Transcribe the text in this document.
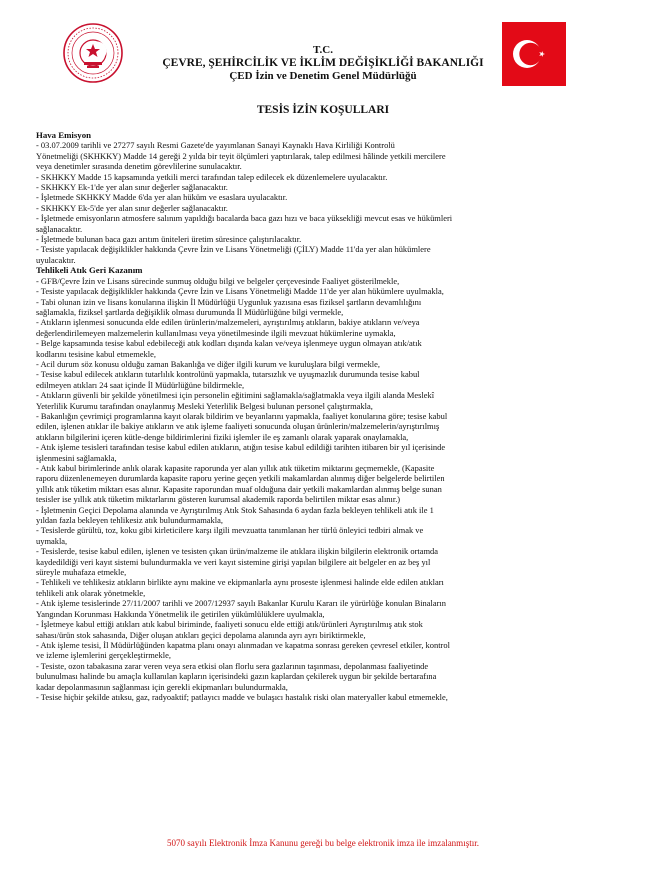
T.C.
ÇEVRE, ŞEHİRCİLİK VE İKLİM DEĞİŞİKLİĞİ BAKANLIĞI
ÇED İzin ve Denetim Genel Müdürlüğü
TESİS İZİN KOŞULLARI
Hava Emisyon
- 03.07.2009 tarihli ve 27277 sayılı Resmi Gazete'de yayımlanan Sanayi Kaynaklı Hava Kirliliği Kontrolü
Yönetmeliği (SKHKKY) Madde 14 gereği 2 yılda bir teyit ölçümleri yaptırılarak, talep edilmesi hâlinde yetkili mercilere
veya denetimler sırasında denetim görevlilerine sunulacaktır.
- SKHKKY Madde 15 kapsamında yetkili merci tarafından talep edilecek ek düzenlemelere uyulacaktır.
- SKHKKY Ek-1'de yer alan sınır değerler sağlanacaktır.
- İşletmede SKHKKY Madde 6'da yer alan hüküm ve esaslara uyulacaktır.
- SKHKKY Ek-5'de yer alan sınır değerler sağlanacaktır.
- İşletmede emisyonların atmosfere salınım yapıldığı bacalarda baca gazı hızı ve baca yüksekliği mevcut esas ve hükümleri
sağlanacaktır.
- İşletmede bulunan baca gazı arıtım üniteleri üretim süresince çalıştırılacaktır.
- Tesiste yapılacak değişiklikler hakkında Çevre İzin ve Lisans Yönetmeliği (ÇİLY) Madde 11'da yer alan hükümlere
uyulacaktır.
Tehlikeli Atık Geri Kazanım
- GFB/Çevre İzin ve Lisans sürecinde sunmuş olduğu bilgi ve belgeler çerçevesinde Faaliyet gösterilmekle,
- Tesiste yapılacak değişiklikler hakkında Çevre İzin ve Lisans Yönetmeliği Madde 11'de yer alan hükümlere uyulmakla,
- Tabi olunan izin ve lisans konularına ilişkin İl Müdürlüğü Uygunluk yazısına esas fiziksel şartların devamlılığını
sağlamakla, fiziksel şartlarda değişiklik olması durumunda İl Müdürlüğüne bilgi vermekle,
- Atıkların işlenmesi sonucunda elde edilen ürünlerin/malzemeleri, ayrıştırılmış atıkların, bakiye atıkların ve/veya
değerlendirilemeyen malzemelerin kullanılması veya yönetilmesinde ilgili mevzuat hükümlerine uymakla,
- Belge kapsamında tesise kabul edebileceği atık kodları dışında kalan ve/veya işlenmeye uygun olmayan atık/atık
kodlarını tesisine kabul etmemekle,
- Acil durum söz konusu olduğu zaman Bakanlığa ve diğer ilgili kurum ve kuruluşlara bilgi vermekle,
- Tesise kabul edilecek atıkların tutarlılık kontrolünü yapmakla, tutarsızlık ve uyuşmazlık durumunda tesise kabul
edilmeyen atıkları 24 saat içinde İl Müdürlüğüne bildirmekle,
- Atıkların güvenli bir şekilde yönetilmesi için personelin eğitimini sağlamakla/sağlatmakla veya ilgili alanda Meslekî
Yeterlilik Kurumu tarafından onaylanmış Mesleki Yeterlilik Belgesi bulunan personel çalıştırmakla,
- Bakanlığın çevrimiçi programlarına kayıt olarak bildirim ve beyanlarını yapmakla, faaliyet konularına göre; tesise kabul
edilen, işlenen atıklar ile bakiye atıkların ve atık işleme faaliyeti sonucunda oluşan ürünlerin/malzemelerin/ayrıştırılmış
atıkların bilgilerini içeren kütle-denge bildirimlerini fiziki işlemler ile eş zamanlı olarak yaparak onaylamakla,
- Atık işleme tesisleri tarafından tesise kabul edilen atıkların, atığın tesise kabul edildiği tarihten itibaren bir yıl içerisinde
işlenmesini sağlamakla,
- Atık kabul birimlerinde anlık olarak kapasite raporunda yer alan yıllık atık tüketim miktarını geçmemekle, (Kapasite
raporu düzenlenemeyen durumlarda kapasite raporu yerine geçen yetkili makamlardan alınmış diğer belgelerde belirtilen
yıllık atık tüketim miktarı esas alınır. Kapasite raporundan muaf olduğuna dair yetkili makamlardan alınmış belge sunan
tesisler ise yıllık atık tüketim miktarlarını gösteren kurumsal akademik raporda belirtilen miktar esas alınır.)
- İşletmenin Geçici Depolama alanında ve Ayrıştırılmış Atık Stok Sahasında 6 aydan fazla bekleyen tehlikeli atık ile 1
yıldan fazla bekleyen tehlikesiz atık bulundurmamakla,
- Tesislerde gürültü, toz, koku gibi kirleticilere karşı ilgili mevzuatta tanımlanan her türlü önleyici tedbiri almak ve
uymakla,
- Tesislerde, tesise kabul edilen, işlenen ve tesisten çıkan ürün/malzeme ile atıklara ilişkin bilgilerin elektronik ortamda
kaydedildiği veri kayıt sistemi bulundurmakla ve veri kayıt sistemine girişi yapılan bilgilere ait belgeler en az beş yıl
süreyle muhafaza etmekle,
- Tehlikeli ve tehlikesiz atıkların birlikte aynı makine ve ekipmanlarla aynı proseste işlenmesi halinde elde edilen atıkları
tehlikeli atık olarak yönetmekle,
- Atık işleme tesislerinde 27/11/2007 tarihli ve 2007/12937 sayılı Bakanlar Kurulu Kararı ile yürürlüğe konulan Binaların
Yangından Korunması Hakkında Yönetmelik ile getirilen yükümlülüklere uyulmakla,
- İşletmeye kabul ettiği atıkları atık kabul biriminde, faaliyeti sonucu elde ettiği atık/ürünleri Ayrıştırılmış atık stok
sahası/ürün stok sahasında, Diğer oluşan atıkları geçici depolama alanında ayrı ayrı biriktirmekle,
- Atık işleme tesisi, İl Müdürlüğünden kapatma planı onayı alınmadan ve kapatma sonrası gereken çevresel etkiler, kontrol
ve izleme işlemlerini gerçekleştirmekle,
- Tesiste, ozon tabakasına zarar veren veya sera etkisi olan florlu sera gazlarının taşınması, depolanması faaliyetinde
bulunulması halinde bu amaçla kullanılan kapların içerisindeki gazın kaplardan çekilerek uygun bir şekilde bertarafına
kadar depolanmasının sağlanması için gerekli ekipmanları bulundurmakla,
- Tesise hiçbir şekilde atıksu, gaz, radyoaktif; patlayıcı madde ve bulaşıcı hastalık riski olan materyaller kabul etmemekle,
5070 sayılı Elektronik İmza Kanunu gereği bu belge elektronik imza ile imzalanmıştır.
